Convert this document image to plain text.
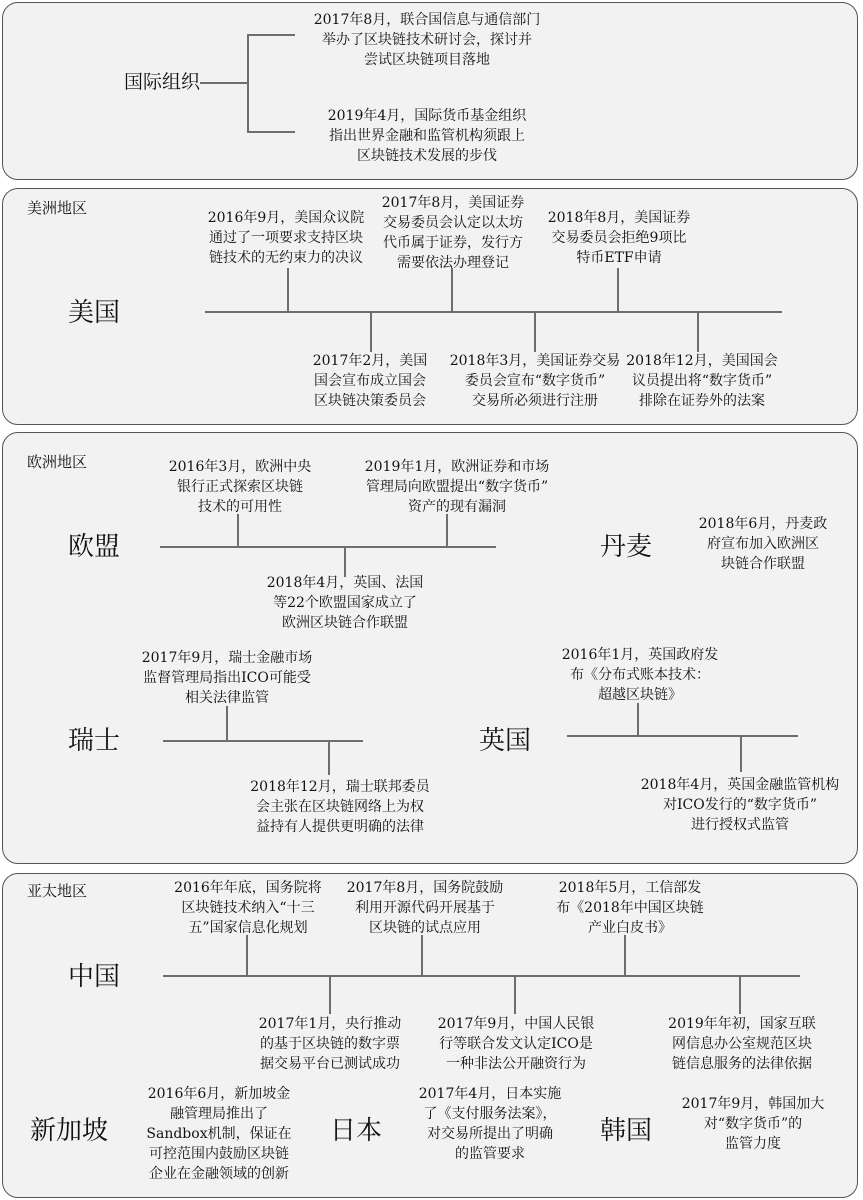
国际组织
2017年8月，联合国信息与通信部门
举办了区块链技术研讨会，探讨并
尝试区块链项目落地
2019年4月，国际货币基金组织
指出世界金融和监管机构须跟上
区块链技术发展的步伐
美洲地区
美国
2016年9月，美国众议院
通过了一项要求支持区块
链技术的无约束力的决议
2017年8月，美国证券
交易委员会认定以太坊
代币属于证券，发行方
需要依法办理登记
2018年8月，美国证券
交易委员会拒绝9项比
特币ETF申请
2017年2月，美国
国会宣布成立国会
区块链决策委员会
2018年3月，美国证券交易
委员会宣布“数字货币”
交易所必须进行注册
2018年12月，美国国会
议员提出将“数字货币”
排除在证券外的法案
欧洲地区
欧盟
2016年3月，欧洲中央
银行正式探索区块链
技术的可用性
2019年1月，欧洲证券和市场
管理局向欧盟提出“数字货币”
资产的现有漏洞
2018年4月，英国、法国
等22个欧盟国家成立了
欧洲区块链合作联盟
丹麦
2018年6月，丹麦政
府宣布加入欧洲区
块链合作联盟
瑞士
2017年9月，瑞士金融市场
监督管理局指出ICO可能受
相关法律监管
2018年12月，瑞士联邦委员
会主张在区块链网络上为权
益持有人提供更明确的法律
英国
2016年1月，英国政府发
布《分布式账本技术：
超越区块链》
2018年4月，英国金融监管机构
对ICO发行的“数字货币”
进行授权式监管
亚太地区
中国
2016年年底，国务院将
区块链技术纳入“十三
五”国家信息化规划
2017年8月，国务院鼓励
利用开源代码开展基于
区块链的试点应用
2018年5月，工信部发
布《2018年中国区块链
产业白皮书》
2017年1月，央行推动
的基于区块链的数字票
据交易平台已测试成功
2017年9月，中国人民银
行等联合发文认定ICO是
一种非法公开融资行为
2019年年初，国家互联
网信息办公室规范区块
链信息服务的法律依据
新加坡
2016年6月，新加坡金
融管理局推出了
Sandbox机制，保证在
可控范围内鼓励区块链
企业在金融领域的创新
日本
2017年4月，日本实施
了《支付服务法案》，
对交易所提出了明确
的监管要求
韩国
2017年9月，韩国加大
对“数字货币”的
监管力度
